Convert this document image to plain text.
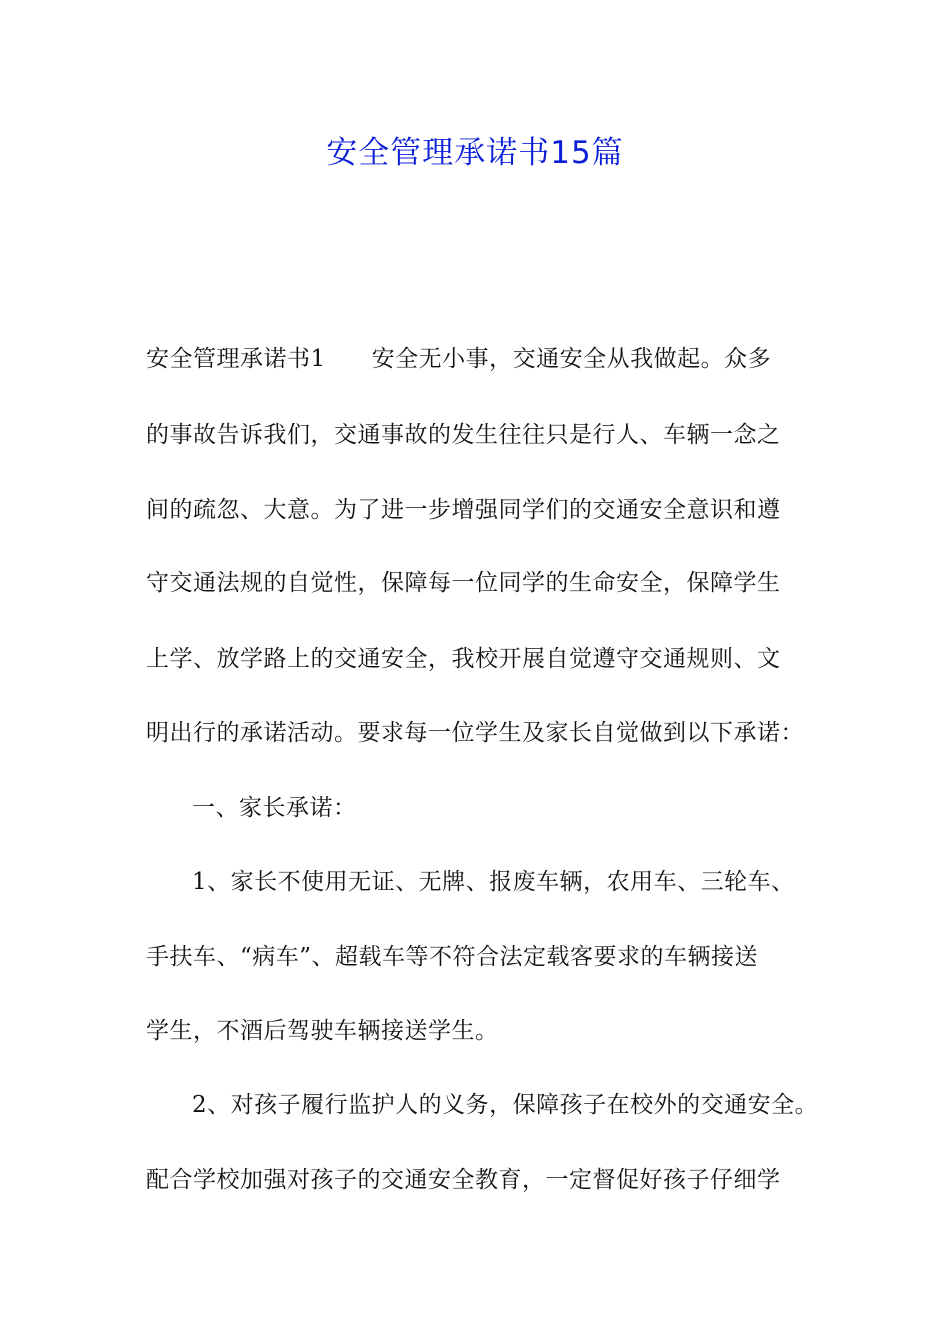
安全管理承诺书15篇
安全管理承诺书1 安全无小事，交通安全从我做起。众多
的事故告诉我们，交通事故的发生往往只是行人、车辆一念之
间的疏忽、大意。为了进一步增强同学们的交通安全意识和遵
守交通法规的自觉性，保障每一位同学的生命安全，保障学生
上学、放学路上的交通安全，我校开展自觉遵守交通规则、文
明出行的承诺活动。要求每一位学生及家长自觉做到以下承诺：
一、家长承诺：
1、家长不使用无证、无牌、报废车辆，农用车、三轮车、
手扶车、“病车”、超载车等不符合法定载客要求的车辆接送
学生，不酒后驾驶车辆接送学生。
2、对孩子履行监护人的义务，保障孩子在校外的交通安全。
配合学校加强对孩子的交通安全教育，一定督促好孩子仔细学
